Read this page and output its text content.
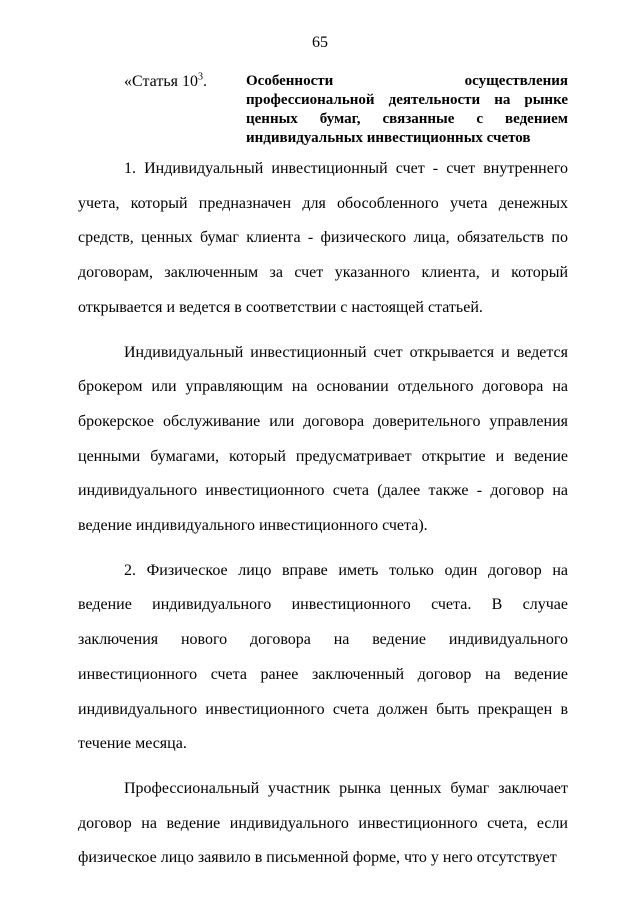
65
«Статья $10^3$.	Особенности осуществления профессиональной деятельности на рынке ценных бумаг, связанные с ведением индивидуальных инвестиционных счетов

1. Индивидуальный инвестиционный счет - счет внутреннего учета, который предназначен для обособленного учета денежных средств, ценных бумаг клиента - физического лица, обязательств по договорам, заключенным за счет указанного клиента, и который открывается и ведется в соответствии с настоящей статьей.

Индивидуальный инвестиционный счет открывается и ведется брокером или управляющим на основании отдельного договора на брокерское обслуживание или договора доверительного управления ценными бумагами, который предусматривает открытие и ведение индивидуального инвестиционного счета (далее также - договор на ведение индивидуального инвестиционного счета).

2. Физическое лицо вправе иметь только один договор на ведение индивидуального инвестиционного счета. В случае заключения нового договора на ведение индивидуального инвестиционного счета ранее заключенный договор на ведение индивидуального инвестиционного счета должен быть прекращен в течение месяца.

Профессиональный участник рынка ценных бумаг заключает договор на ведение индивидуального инвестиционного счета, если физическое лицо заявило в письменной форме, что у него отсутствует
